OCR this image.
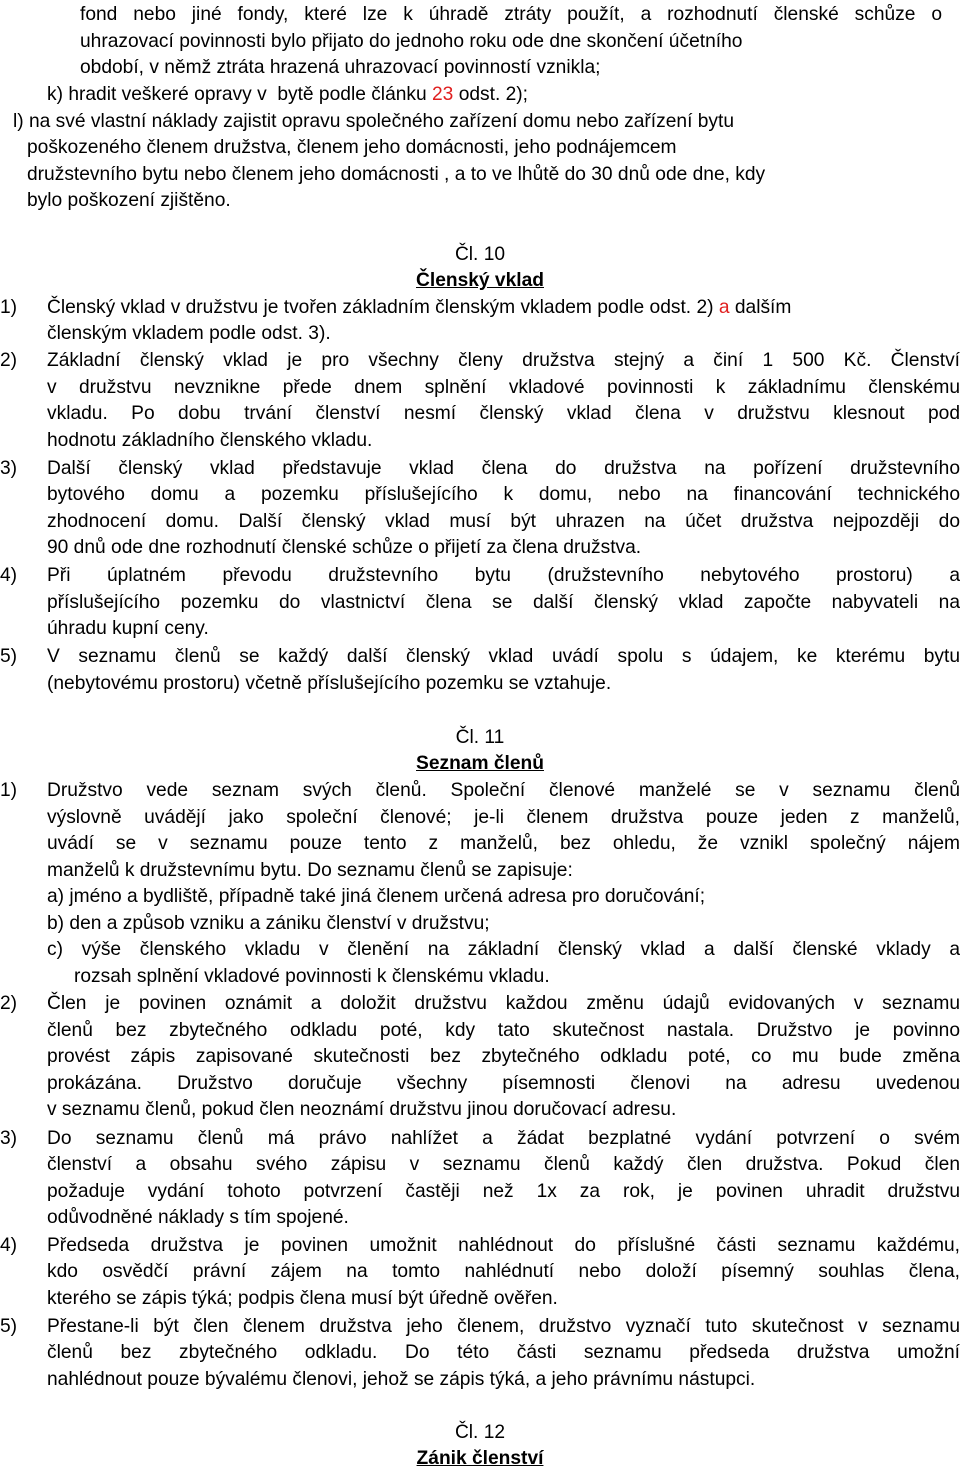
fond nebo jiné fondy, které lze k úhradě ztráty použít, a rozhodnutí členské schůze o
uhrazovací povinnosti bylo přijato do jednoho roku ode dne skončení účetního
období, v němž ztráta hrazená uhrazovací povinností vznikla;
k) hradit veškeré opravy v  bytě podle článku 23 odst. 2);
l) na své vlastní náklady zajistit opravu společného zařízení domu nebo zařízení bytu
poškozeného členem družstva, členem jeho domácnosti, jeho podnájemcem
družstevního bytu nebo členem jeho domácnosti , a to ve lhůtě do 30 dnů ode dne, kdy
bylo poškození zjištěno.
Čl. 10
Členský vklad
1) Členský vklad v družstvu je tvořen základním členským vkladem podle odst. 2) a dalším
členským vkladem podle odst. 3).
2) Základní členský vklad je pro všechny členy družstva stejný a činí 1 500 Kč. Členství
v družstvu nevznikne přede dnem splnění vkladové povinnosti k základnímu členskému
vkladu. Po dobu trvání členství nesmí členský vklad člena v družstvu klesnout pod
hodnotu základního členského vkladu.
3) Další členský vklad představuje vklad člena do družstva na pořízení družstevního
bytového domu a pozemku příslušejícího k domu, nebo na financování technického
zhodnocení domu. Další členský vklad musí být uhrazen na účet družstva nejpozději do
90 dnů ode dne rozhodnutí členské schůze o přijetí za člena družstva.
4) Při úplatném převodu družstevního bytu (družstevního nebytového prostoru) a
příslušejícího pozemku do vlastnictví člena se další členský vklad započte nabyvateli na
úhradu kupní ceny.
5) V seznamu členů se každý další členský vklad uvádí spolu s údajem, ke kterému bytu
(nebytovému prostoru) včetně příslušejícího pozemku se vztahuje.
Čl. 11
Seznam členů
1) Družstvo vede seznam svých členů. Společní členové manželé se v seznamu členů
výslovně uvádějí jako společní členové; je-li členem družstva pouze jeden z manželů,
uvádí se v seznamu pouze tento z manželů, bez ohledu, že vznikl společný nájem
manželů k družstevnímu bytu. Do seznamu členů se zapisuje:
a) jméno a bydliště, případně také jiná členem určená adresa pro doručování;
b) den a způsob vzniku a zániku členství v družstvu;
c) výše členského vkladu v členění na základní členský vklad a další členské vklady a
rozsah splnění vkladové povinnosti k členskému vkladu.
2) Člen je povinen oznámit a doložit družstvu každou změnu údajů evidovaných v seznamu
členů bez zbytečného odkladu poté, kdy tato skutečnost nastala. Družstvo je povinno
provést zápis zapisované skutečnosti bez zbytečného odkladu poté, co mu bude změna
prokázána. Družstvo doručuje všechny písemnosti členovi na adresu uvedenou
v seznamu členů, pokud člen neoznámí družstvu jinou doručovací adresu.
3) Do seznamu členů má právo nahlížet a žádat bezplatné vydání potvrzení o svém
členství a obsahu svého zápisu v seznamu členů každý člen družstva. Pokud člen
požaduje vydání tohoto potvrzení častěji než 1x za rok, je povinen uhradit družstvu
odůvodněné náklady s tím spojené.
4) Předseda družstva je povinen umožnit nahlédnout do příslušné části seznamu každému,
kdo osvědčí právní zájem na tomto nahlédnutí nebo doloží písemný souhlas člena,
kterého se zápis týká; podpis člena musí být úředně ověřen.
5) Přestane-li být člen členem družstva jeho členem, družstvo vyznačí tuto skutečnost v seznamu
členů bez zbytečného odkladu. Do této části seznamu předseda družstva umožní
nahlédnout pouze bývalému členovi, jehož se zápis týká, a jeho právnímu nástupci.
Čl. 12
Zánik členství
